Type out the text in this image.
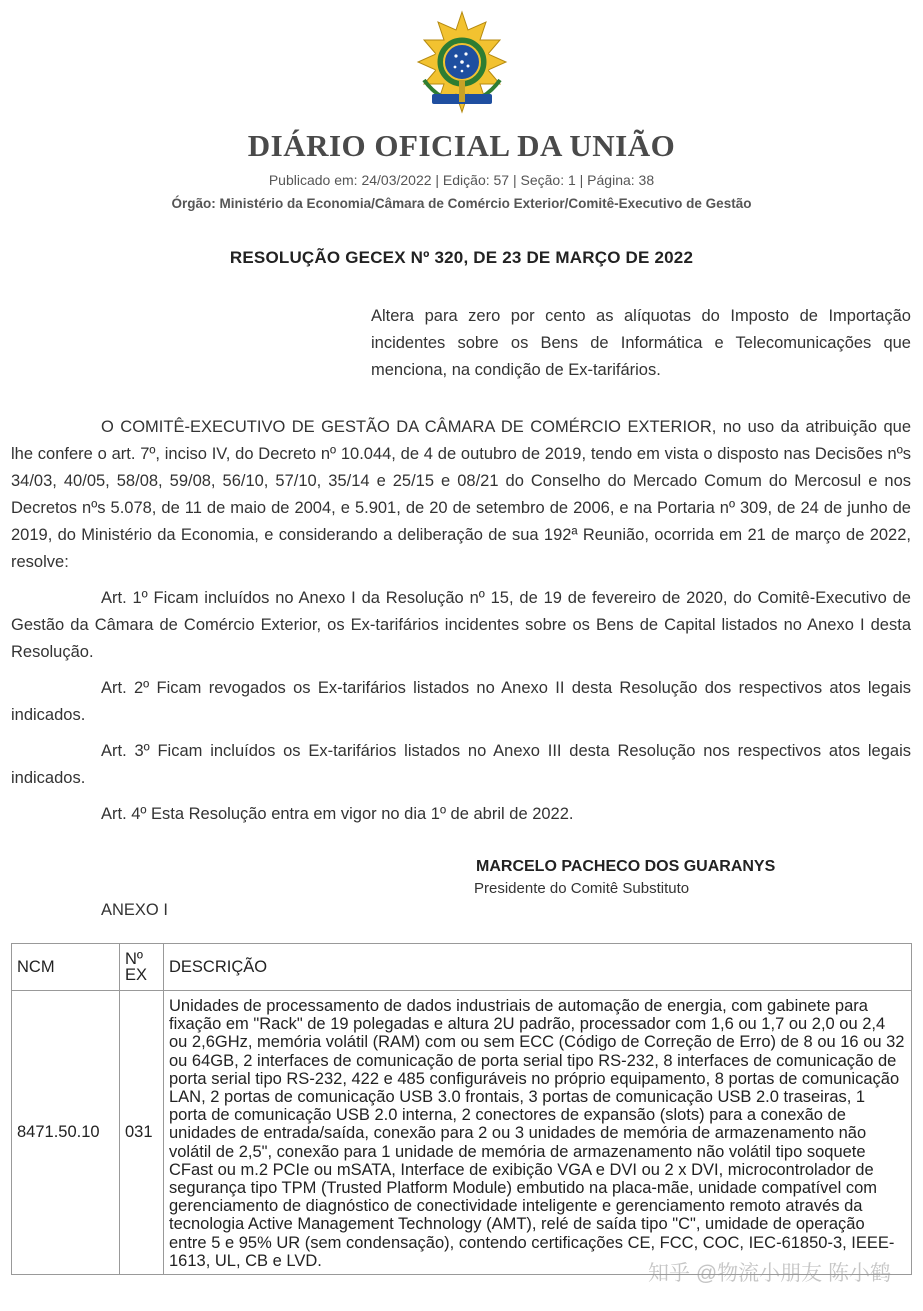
DIÁRIO OFICIAL DA UNIÃO
Publicado em: 24/03/2022 | Edição: 57 | Seção: 1 | Página: 38
Órgão: Ministério da Economia/Câmara de Comércio Exterior/Comitê-Executivo de Gestão
RESOLUÇÃO GECEX Nº 320, DE 23 DE MARÇO DE 2022
Altera para zero por cento as alíquotas do Imposto de Importação incidentes sobre os Bens de Informática e Telecomunicações que menciona, na condição de Ex-tarifários.

O COMITÊ-EXECUTIVO DE GESTÃO DA CÂMARA DE COMÉRCIO EXTERIOR, no uso da atribuição que lhe confere o art. 7º, inciso IV, do Decreto nº 10.044, de 4 de outubro de 2019, tendo em vista o disposto nas Decisões nºs 34/03, 40/05, 58/08, 59/08, 56/10, 57/10, 35/14 e 25/15 e 08/21 do Conselho do Mercado Comum do Mercosul e nos Decretos nºs 5.078, de 11 de maio de 2004, e 5.901, de 20 de setembro de 2006, e na Portaria nº 309, de 24 de junho de 2019, do Ministério da Economia, e considerando a deliberação de sua 192ª Reunião, ocorrida em 21 de março de 2022, resolve:

Art. 1º Ficam incluídos no Anexo I da Resolução nº 15, de 19 de fevereiro de 2020, do Comitê-Executivo de Gestão da Câmara de Comércio Exterior, os Ex-tarifários incidentes sobre os Bens de Capital listados no Anexo I desta Resolução.

Art. 2º Ficam revogados os Ex-tarifários listados no Anexo II desta Resolução dos respectivos atos legais indicados.

Art. 3º Ficam incluídos os Ex-tarifários listados no Anexo III desta Resolução nos respectivos atos legais indicados.

Art. 4º Esta Resolução entra em vigor no dia 1º de abril de 2022.

MARCELO PACHECO DOS GUARANYS
Presidente do Comitê Substituto
ANEXO I
NCM	Nº EX	DESCRIÇÃO
8471.50.10	031	Unidades de processamento de dados industriais de automação de energia, com gabinete para fixação em "Rack" de 19 polegadas e altura 2U padrão, processador com 1,6 ou 1,7 ou 2,0 ou 2,4 ou 2,6GHz, memória volátil (RAM) com ou sem ECC (Código de Correção de Erro) de 8 ou 16 ou 32 ou 64GB, 2 interfaces de comunicação de porta serial tipo RS-232, 8 interfaces de comunicação de porta serial tipo RS-232, 422 e 485 configuráveis no próprio equipamento, 8 portas de comunicação LAN, 2 portas de comunicação USB 3.0 frontais, 3 portas de comunicação USB 2.0 traseiras, 1 porta de comunicação USB 2.0 interna, 2 conectores de expansão (slots) para a conexão de unidades de entrada/saída, conexão para 2 ou 3 unidades de memória de armazenamento não volátil de 2,5", conexão para 1 unidade de memória de armazenamento não volátil tipo soquete CFast ou m.2 PCIe ou mSATA, Interface de exibição VGA e DVI ou 2 x DVI, microcontrolador de segurança tipo TPM (Trusted Platform Module) embutido na placa-mãe, unidade compatível com gerenciamento de diagnóstico de conectividade inteligente e gerenciamento remoto através da tecnologia Active Management Technology (AMT), relé de saída tipo "C", umidade de operação entre 5 e 95% UR (sem condensação), contendo certificações CE, FCC, COC, IEC-61850-3, IEEE-1613, UL, CB e LVD.
知乎 @物流小朋友 陈小鹤
